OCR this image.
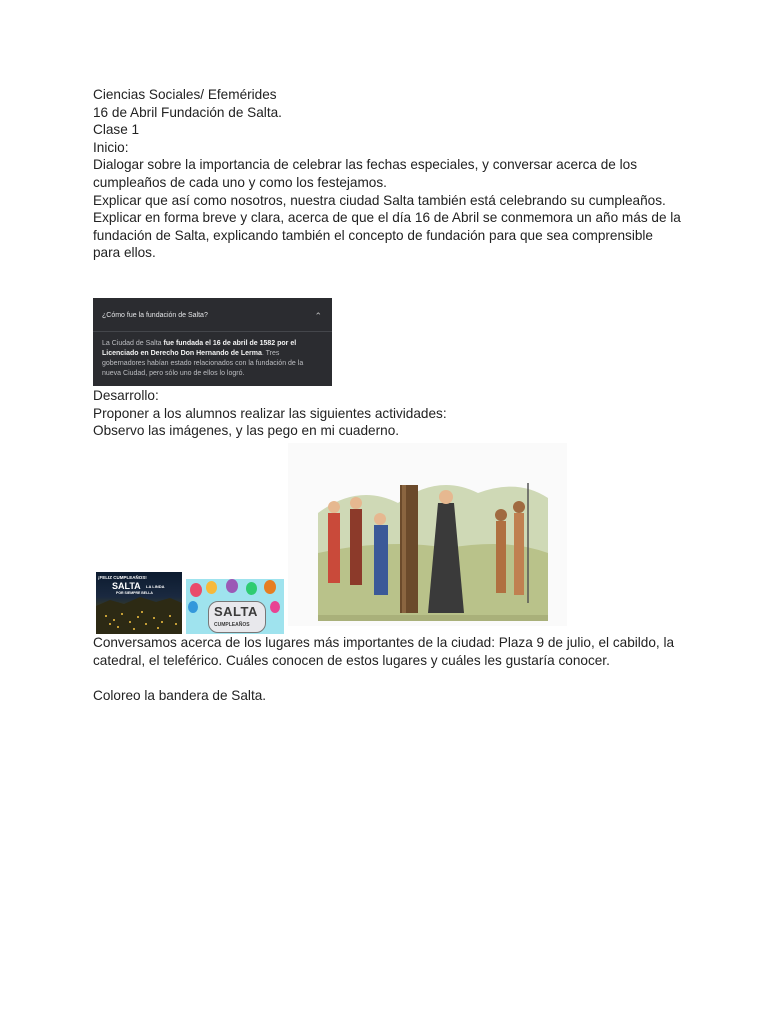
Ciencias Sociales/ Efemérides

16 de Abril Fundación de Salta.

Clase 1

Inicio:

Dialogar sobre la importancia de celebrar las fechas especiales, y conversar acerca de los cumpleaños de cada uno y como los festejamos.

Explicar que así como nosotros, nuestra ciudad Salta también está celebrando su cumpleaños.

Explicar en forma breve y clara, acerca de que el día 16 de Abril se conmemora un año más de la fundación de Salta, explicando también el concepto de fundación para que sea comprensible para ellos.

¿Cómo fue la fundación de Salta?	⌃
La Ciudad de Salta fue fundada el 16 de abril de 1582 por el Licenciado en Derecho Don Hernando de Lerma. Tres gobernadores habían estado relacionados con la fundación de la nueva Ciudad, pero sólo uno de ellos lo logró.

Desarrollo:

Proponer a los alumnos realizar las siguientes actividades:

Observo las imágenes, y las pego en mi cuaderno.

¡FELIZ CUMPLEAÑOS!
SALTA LA LINDA
POR SIEMPRE BELLA
SALTA
CUMPLEAÑOS

Conversamos acerca de los lugares más importantes de la ciudad: Plaza 9 de julio, el cabildo, la catedral, el teleférico. Cuáles conocen de estos lugares y cuáles les gustaría conocer.

Coloreo la bandera de Salta.
